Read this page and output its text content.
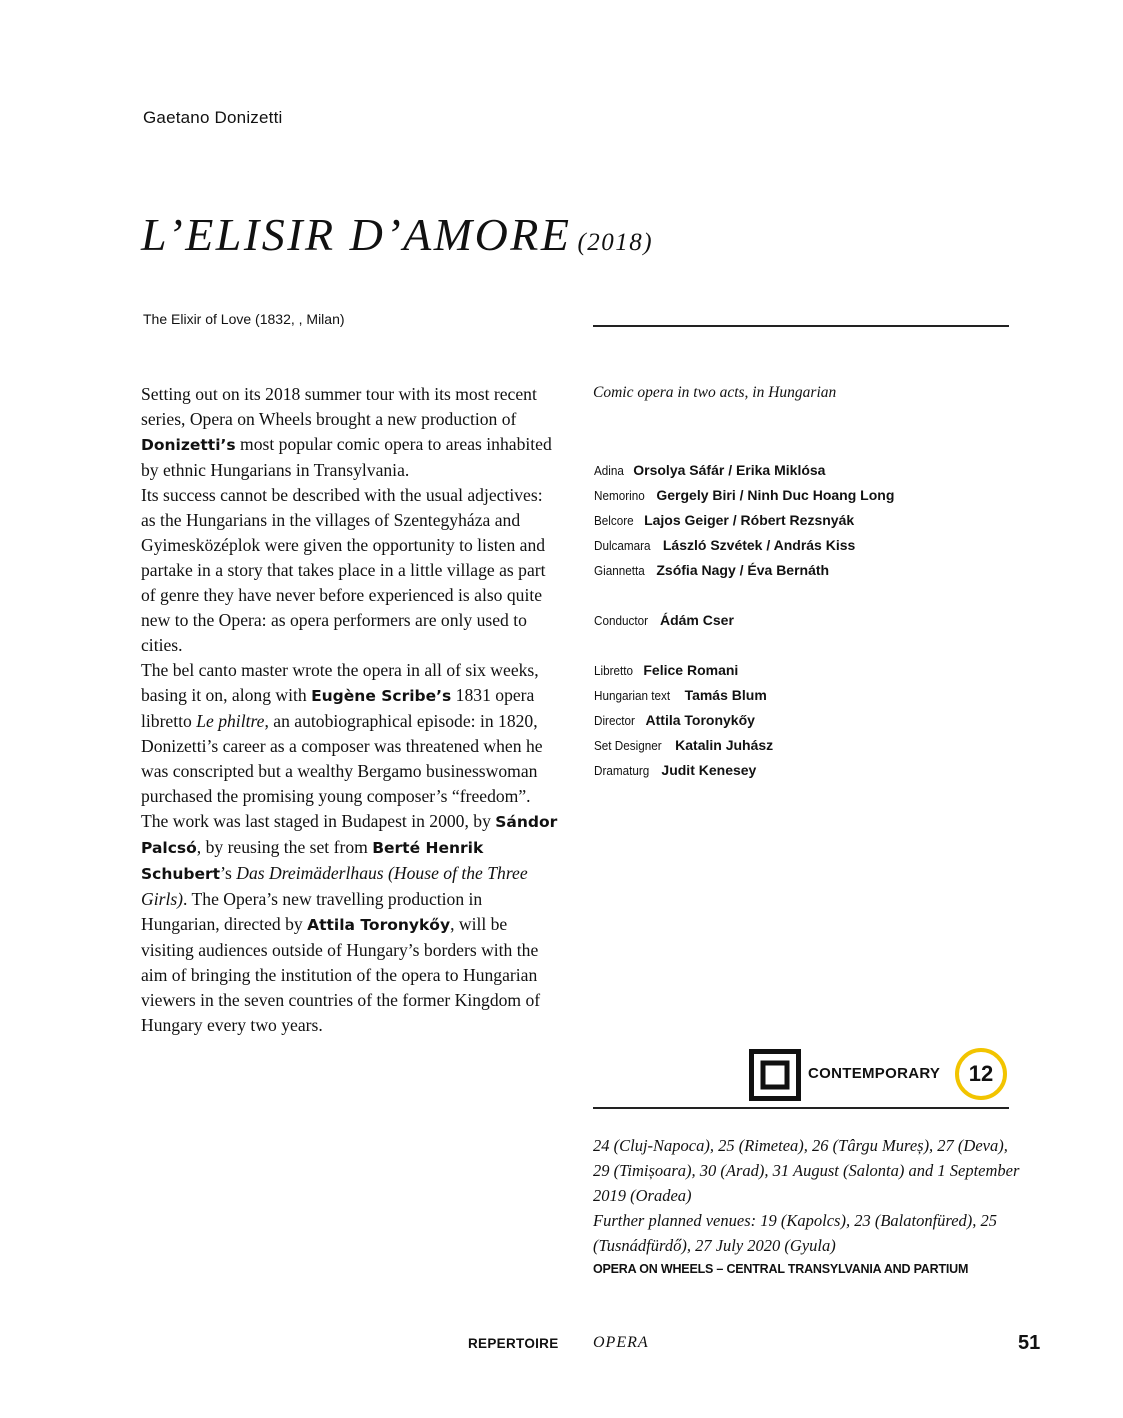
Gaetano Donizetti
L’ELISIR D’AMORE (2018)
The Elixir of Love (1832, , Milan)

Setting out on its 2018 summer tour with its most recent series, Opera on Wheels brought a new production of Donizetti’s most popular comic opera to areas inhabited by ethnic Hungarians in Transylvania.

Its success cannot be described with the usual adjectives: as the Hungarians in the villages of Szentegyháza and Gyimesközéplok were given the opportunity to listen and partake in a story that takes place in a little village as part of genre they have never before experienced is also quite new to the Opera: as opera performers are only used to cities.

The bel canto master wrote the opera in all of six weeks, basing it on, along with Eugène Scribe’s 1831 opera libretto Le philtre, an autobiographical episode: in 1820, Donizetti’s career as a composer was threatened when he was conscripted but a wealthy Bergamo businesswoman purchased the promising young composer’s “freedom”.

The work was last staged in Budapest in 2000, by Sándor Palcsó, by reusing the set from Berté Henrik Schubert’s Das Dreimäderlhaus (House of the Three Girls). The Opera’s new travelling production in Hungarian, directed by Attila Toronykőy, will be visiting audiences outside of Hungary’s borders with the aim of bringing the institution of the opera to Hungarian viewers in the seven countries of the former Kingdom of Hungary every two years.

Comic opera in two acts, in Hungarian
Adina Orsolya Sáfár / Erika Miklósa
Nemorino Gergely Biri / Ninh Duc Hoang Long
Belcore Lajos Geiger / Róbert Rezsnyák
Dulcamara László Szvétek / András Kiss
Giannetta Zsófia Nagy / Éva Bernáth
Conductor Ádám Cser
Libretto Felice Romani
Hungarian text Tamás Blum
Director Attila Toronykőy
Set Designer Katalin Juhász
Dramaturg Judit Kenesey
CONTEMPORARY	12

24 (Cluj-Napoca), 25 (Rimetea), 26 (Târgu Mureș), 27 (Deva), 29 (Timișoara), 30 (Arad), 31 August (Salonta) and 1 September 2019 (Oradea)

Further planned venues: 19 (Kapolcs), 23 (Balatonfüred), 25 (Tusnádfürdő), 27 July 2020 (Gyula)

OPERA ON WHEELS – CENTRAL TRANSYLVANIA AND PARTIUM
REPERTOIRE OPERA	51
